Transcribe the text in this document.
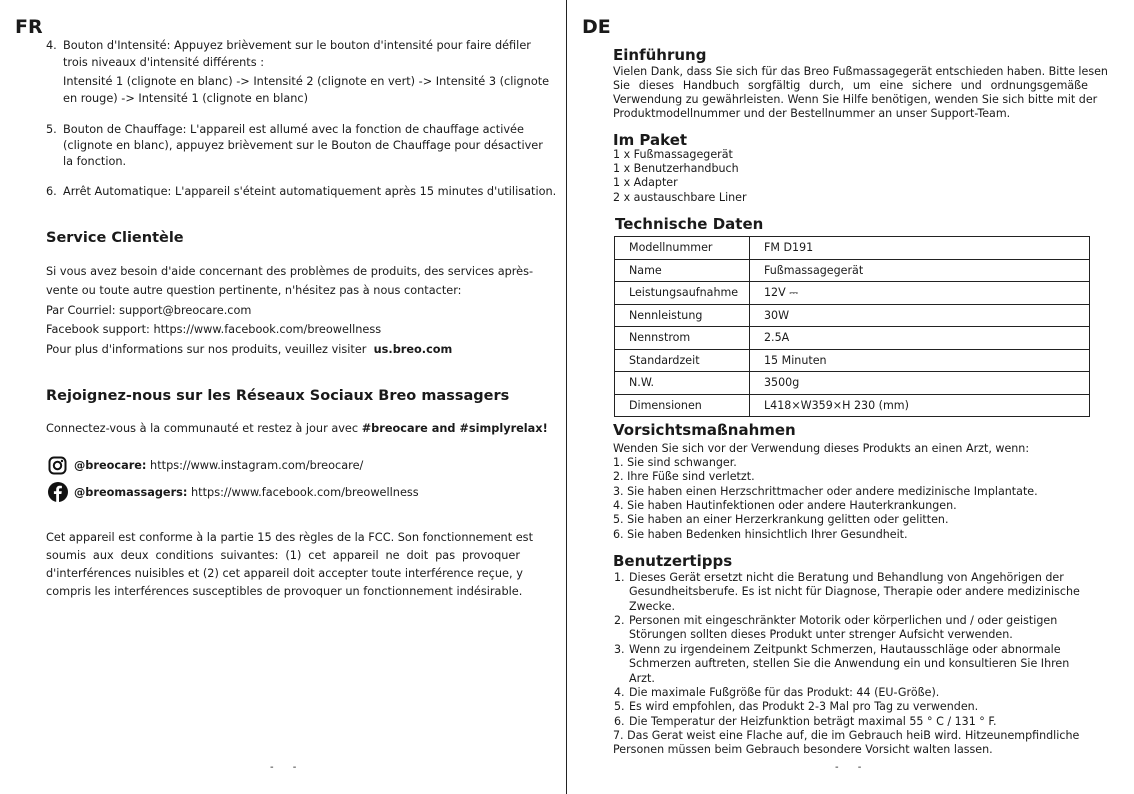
FR
4. Bouton d'Intensité: Appuyez brièvement sur le bouton d'intensité pour faire défiler
trois niveaux d'intensité différents :
Intensité 1 (clignote en blanc) -> Intensité 2 (clignote en vert) -> Intensité 3 (clignote
en rouge) -> Intensité 1 (clignote en blanc)
5. Bouton de Chauffage: L'appareil est allumé avec la fonction de chauffage activée
(clignote en blanc), appuyez brièvement sur le Bouton de Chauffage pour désactiver
la fonction.
6. Arrêt Automatique: L'appareil s'éteint automatiquement après 15 minutes d'utilisation.
Service Clientèle
Si vous avez besoin d'aide concernant des problèmes de produits, des services après-
vente ou toute autre question pertinente, n'hésitez pas à nous contacter:
Par Courriel: support@breocare.com
Facebook support: https://www.facebook.com/breowellness
Pour plus d'informations sur nos produits, veuillez visiter us.breo.com
Rejoignez-nous sur les Réseaux Sociaux Breo massagers
Connectez-vous à la communauté et restez à jour avec #breocare and #simplyrelax!
@breocare: https://www.instagram.com/breocare/
@breomassagers: https://www.facebook.com/breowellness
Cet appareil est conforme à la partie 15 des règles de la FCC. Son fonctionnement est
soumis aux deux conditions suivantes: (1) cet appareil ne doit pas provoquer
d'interférences nuisibles et (2) cet appareil doit accepter toute interférence reçue, y
compris les interférences susceptibles de provoquer un fonctionnement indésirable.
- -
DE
Einführung
Vielen Dank, dass Sie sich für das Breo Fußmassagegerät entschieden haben. Bitte lesen
Sie dieses Handbuch sorgfältig durch, um eine sichere und ordnungsgemäße
Verwendung zu gewährleisten. Wenn Sie Hilfe benötigen, wenden Sie sich bitte mit der
Produktmodellnummer und der Bestellnummer an unser Support-Team.
Im Paket
1 x Fußmassagegerät
1 x Benutzerhandbuch
1 x Adapter
2 x austauschbare Liner
Technische Daten
Modellnummer	FM D191
Name	Fußmassagegerät
Leistungsaufnahme	12V ⎓
Nennleistung	30W
Nennstrom	2.5A
Standardzeit	15 Minuten
N.W.	3500g
Dimensionen	L418×W359×H 230 (mm)
Vorsichtsmaßnahmen
Wenden Sie sich vor der Verwendung dieses Produkts an einen Arzt, wenn:
1. Sie sind schwanger.
2. Ihre Füße sind verletzt.
3. Sie haben einen Herzschrittmacher oder andere medizinische Implantate.
4. Sie haben Hautinfektionen oder andere Hauterkrankungen.
5. Sie haben an einer Herzerkrankung gelitten oder gelitten.
6. Sie haben Bedenken hinsichtlich Ihrer Gesundheit.
Benutzertipps
1. Dieses Gerät ersetzt nicht die Beratung und Behandlung von Angehörigen der
Gesundheitsberufe. Es ist nicht für Diagnose, Therapie oder andere medizinische
Zwecke.
2. Personen mit eingeschränkter Motorik oder körperlichen und / oder geistigen
Störungen sollten dieses Produkt unter strenger Aufsicht verwenden.
3. Wenn zu irgendeinem Zeitpunkt Schmerzen, Hautausschläge oder abnormale
Schmerzen auftreten, stellen Sie die Anwendung ein und konsultieren Sie Ihren
Arzt.
4. Die maximale Fußgröße für das Produkt: 44 (EU-Größe).
5. Es wird empfohlen, das Produkt 2-3 Mal pro Tag zu verwenden.
6. Die Temperatur der Heizfunktion beträgt maximal 55 ° C / 131 ° F.
7. Das Gerat weist eine Flache auf, die im Gebrauch heiB wird. Hitzeunempfindliche
Personen müssen beim Gebrauch besondere Vorsicht walten lassen.
- -
